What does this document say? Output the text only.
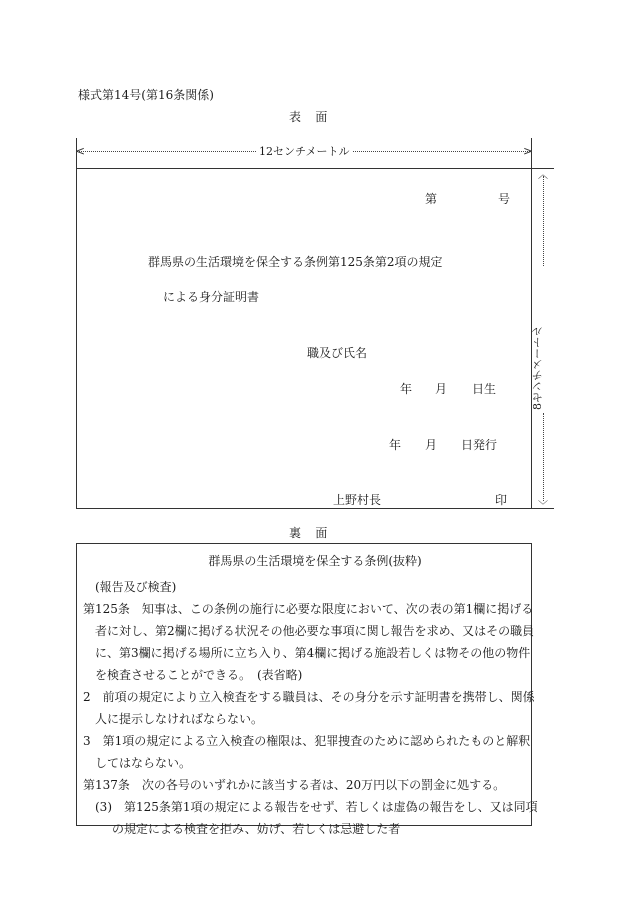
様式第14号(第16条関係)
表　面
<	>
12センチメートル
︿
﹀
8センチメートル
第	号
群馬県の生活環境を保全する条例第125条第2項の規定
による身分証明書
職及び氏名
年 月 日生
年 月 日発行
上野村長	印
裏　面
群馬県の生活環境を保全する条例(抜粋)
(報告及び検査)
第125条　知事は、この条例の施行に必要な限度において、次の表の第1欄に掲げる
者に対し、第2欄に掲げる状況その他必要な事項に関し報告を求め、又はその職員
に、第3欄に掲げる場所に立ち入り、第4欄に掲げる施設若しくは物その他の物件
を検査させることができる。　(表省略)
2　前項の規定により立入検査をする職員は、その身分を示す証明書を携帯し、関係
人に提示しなければならない。
3　第1項の規定による立入検査の権限は、犯罪捜査のために認められたものと解釈
してはならない。
第137条　次の各号のいずれかに該当する者は、20万円以下の罰金に処する。
(3)　第125条第1項の規定による報告をせず、若しくは虚偽の報告をし、又は同項
の規定による検査を拒み、妨げ、若しくは忌避した者
